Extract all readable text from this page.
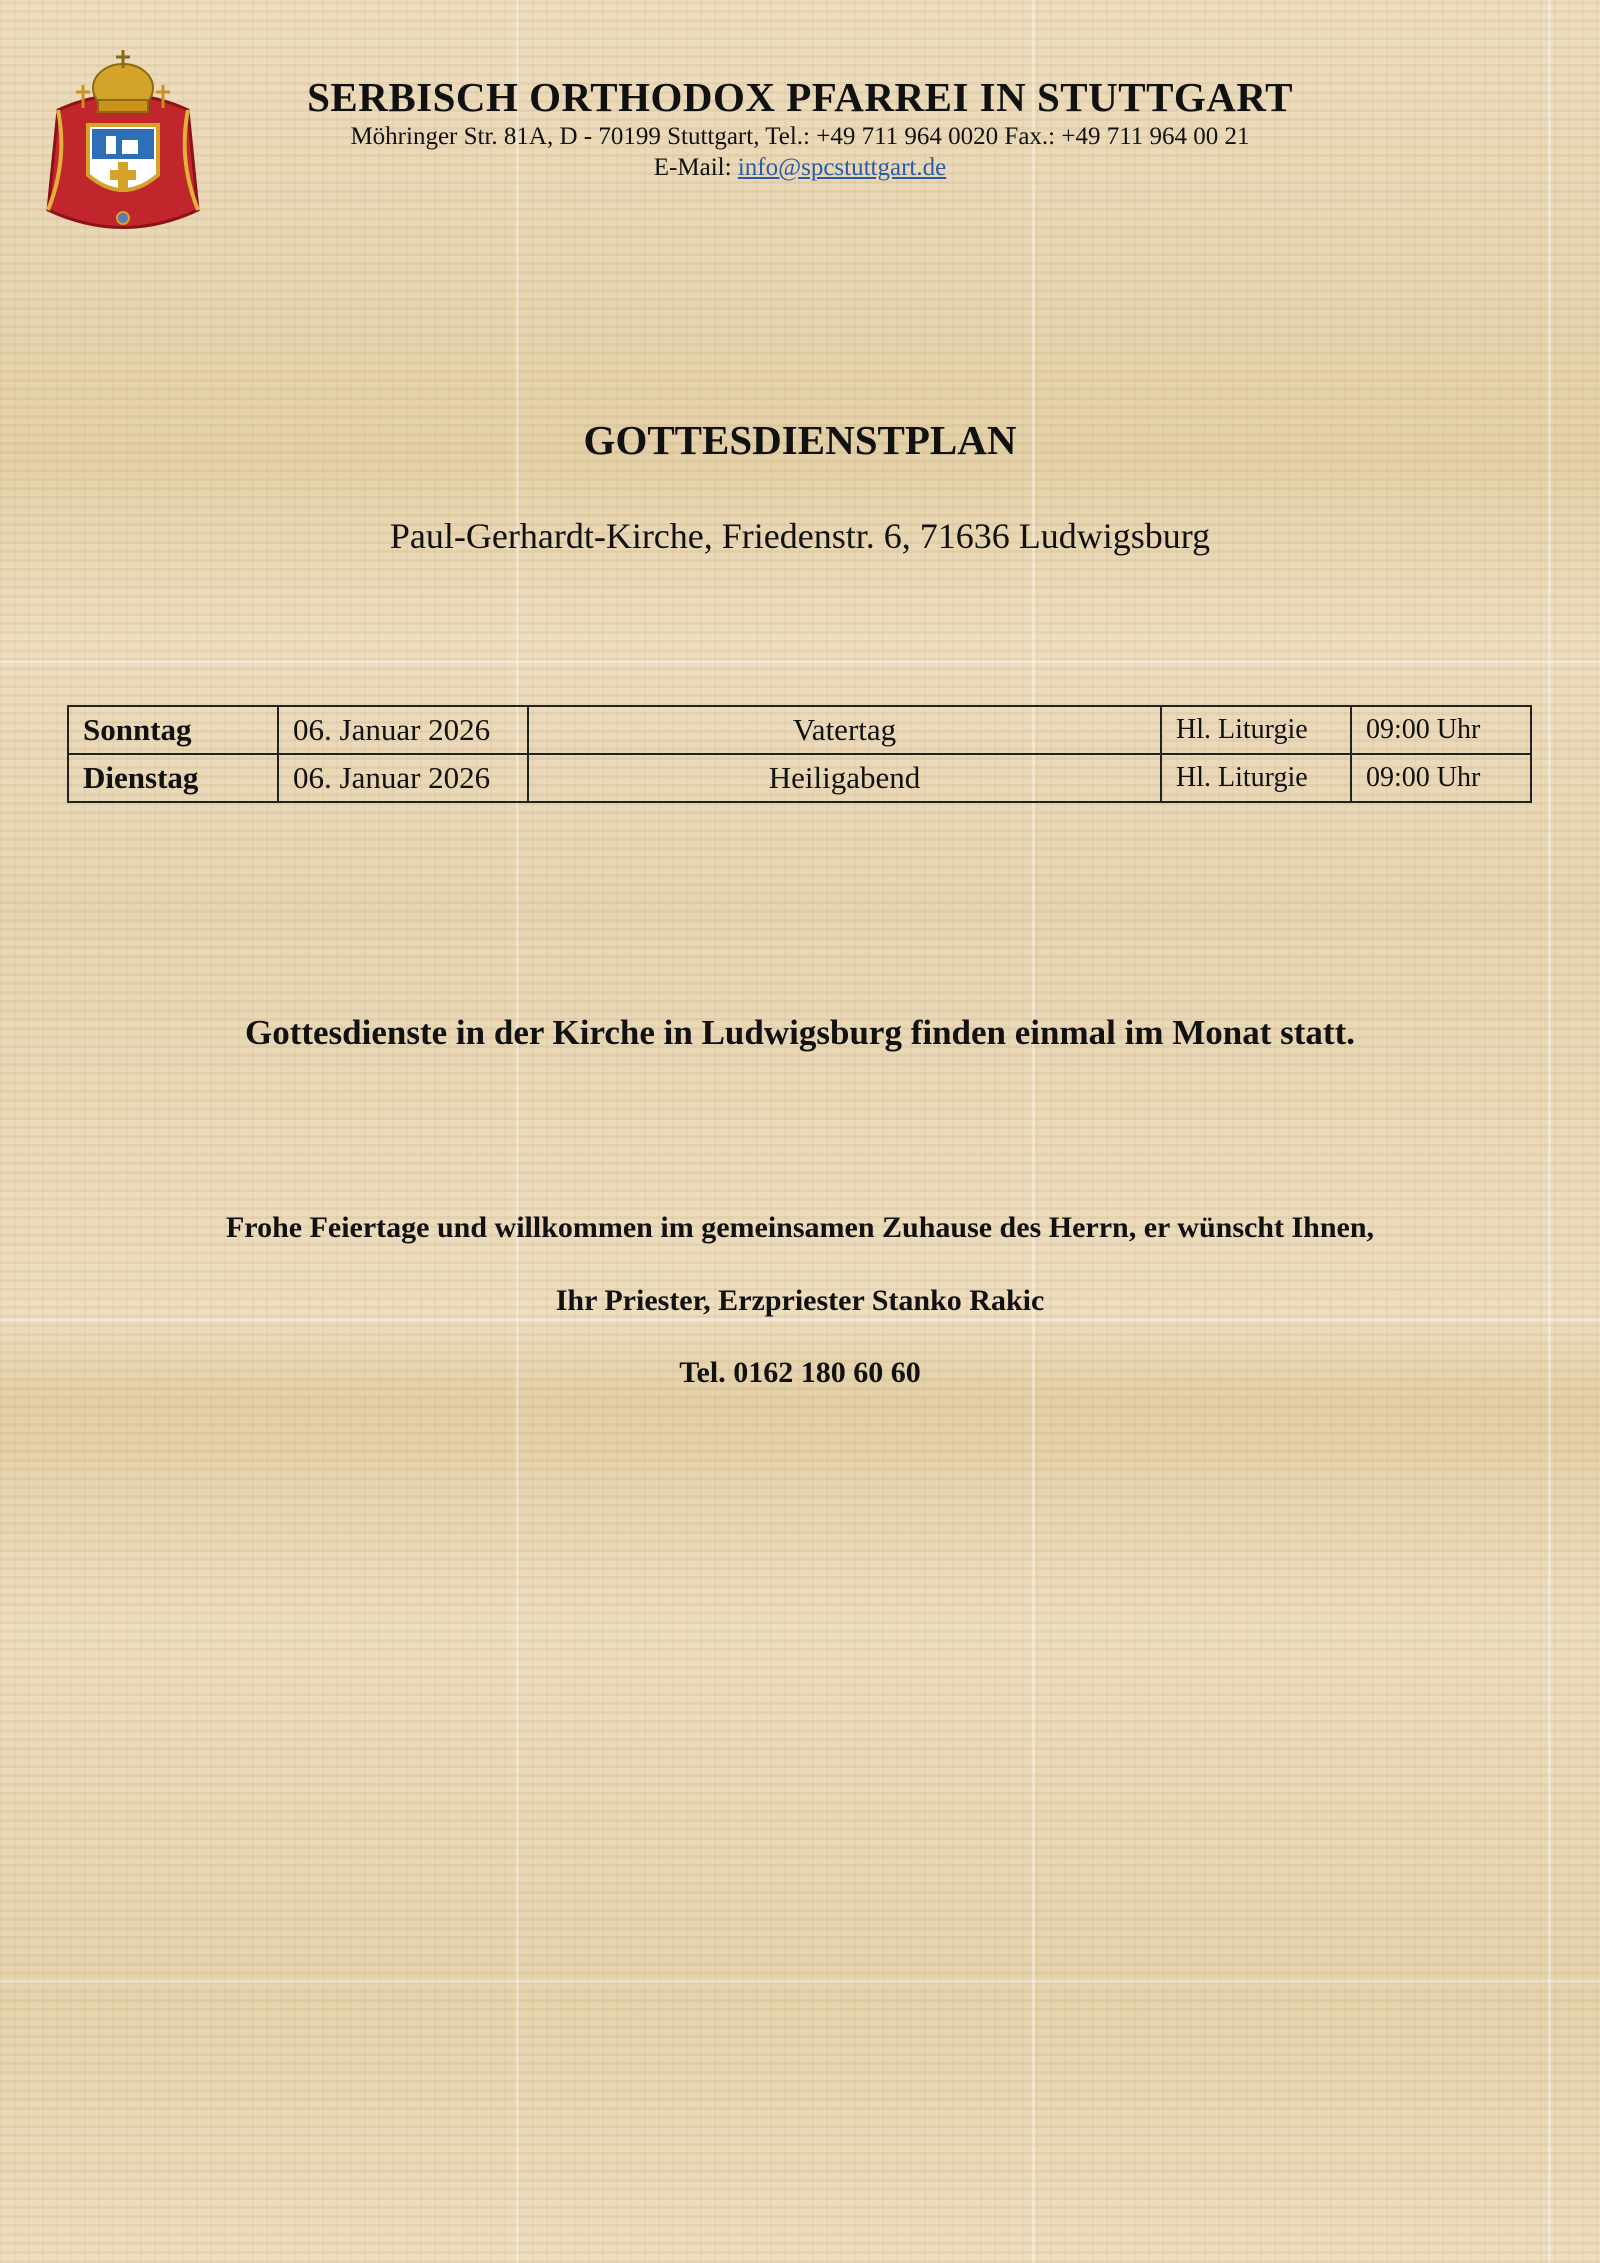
SERBISCH ORTHODOX PFARREI IN STUTTGART
Möhringer Str. 81A, D - 70199 Stuttgart, Tel.: +49 711 964 0020 Fax.: +49 711 964 00 21
E-Mail: info@spcstuttgart.de
GOTTESDIENSTPLAN
Paul-Gerhardt-Kirche, Friedenstr. 6, 71636 Ludwigsburg
Sonntag	06. Januar 2026	Vatertag	Hl. Liturgie	09:00 Uhr
Dienstag	06. Januar 2026	Heiligabend	Hl. Liturgie	09:00 Uhr
Gottesdienste in der Kirche in Ludwigsburg finden einmal im Monat statt.
Frohe Feiertage und willkommen im gemeinsamen Zuhause des Herrn, er wünscht Ihnen,
Ihr Priester, Erzpriester Stanko Rakic
Tel. 0162 180 60 60
